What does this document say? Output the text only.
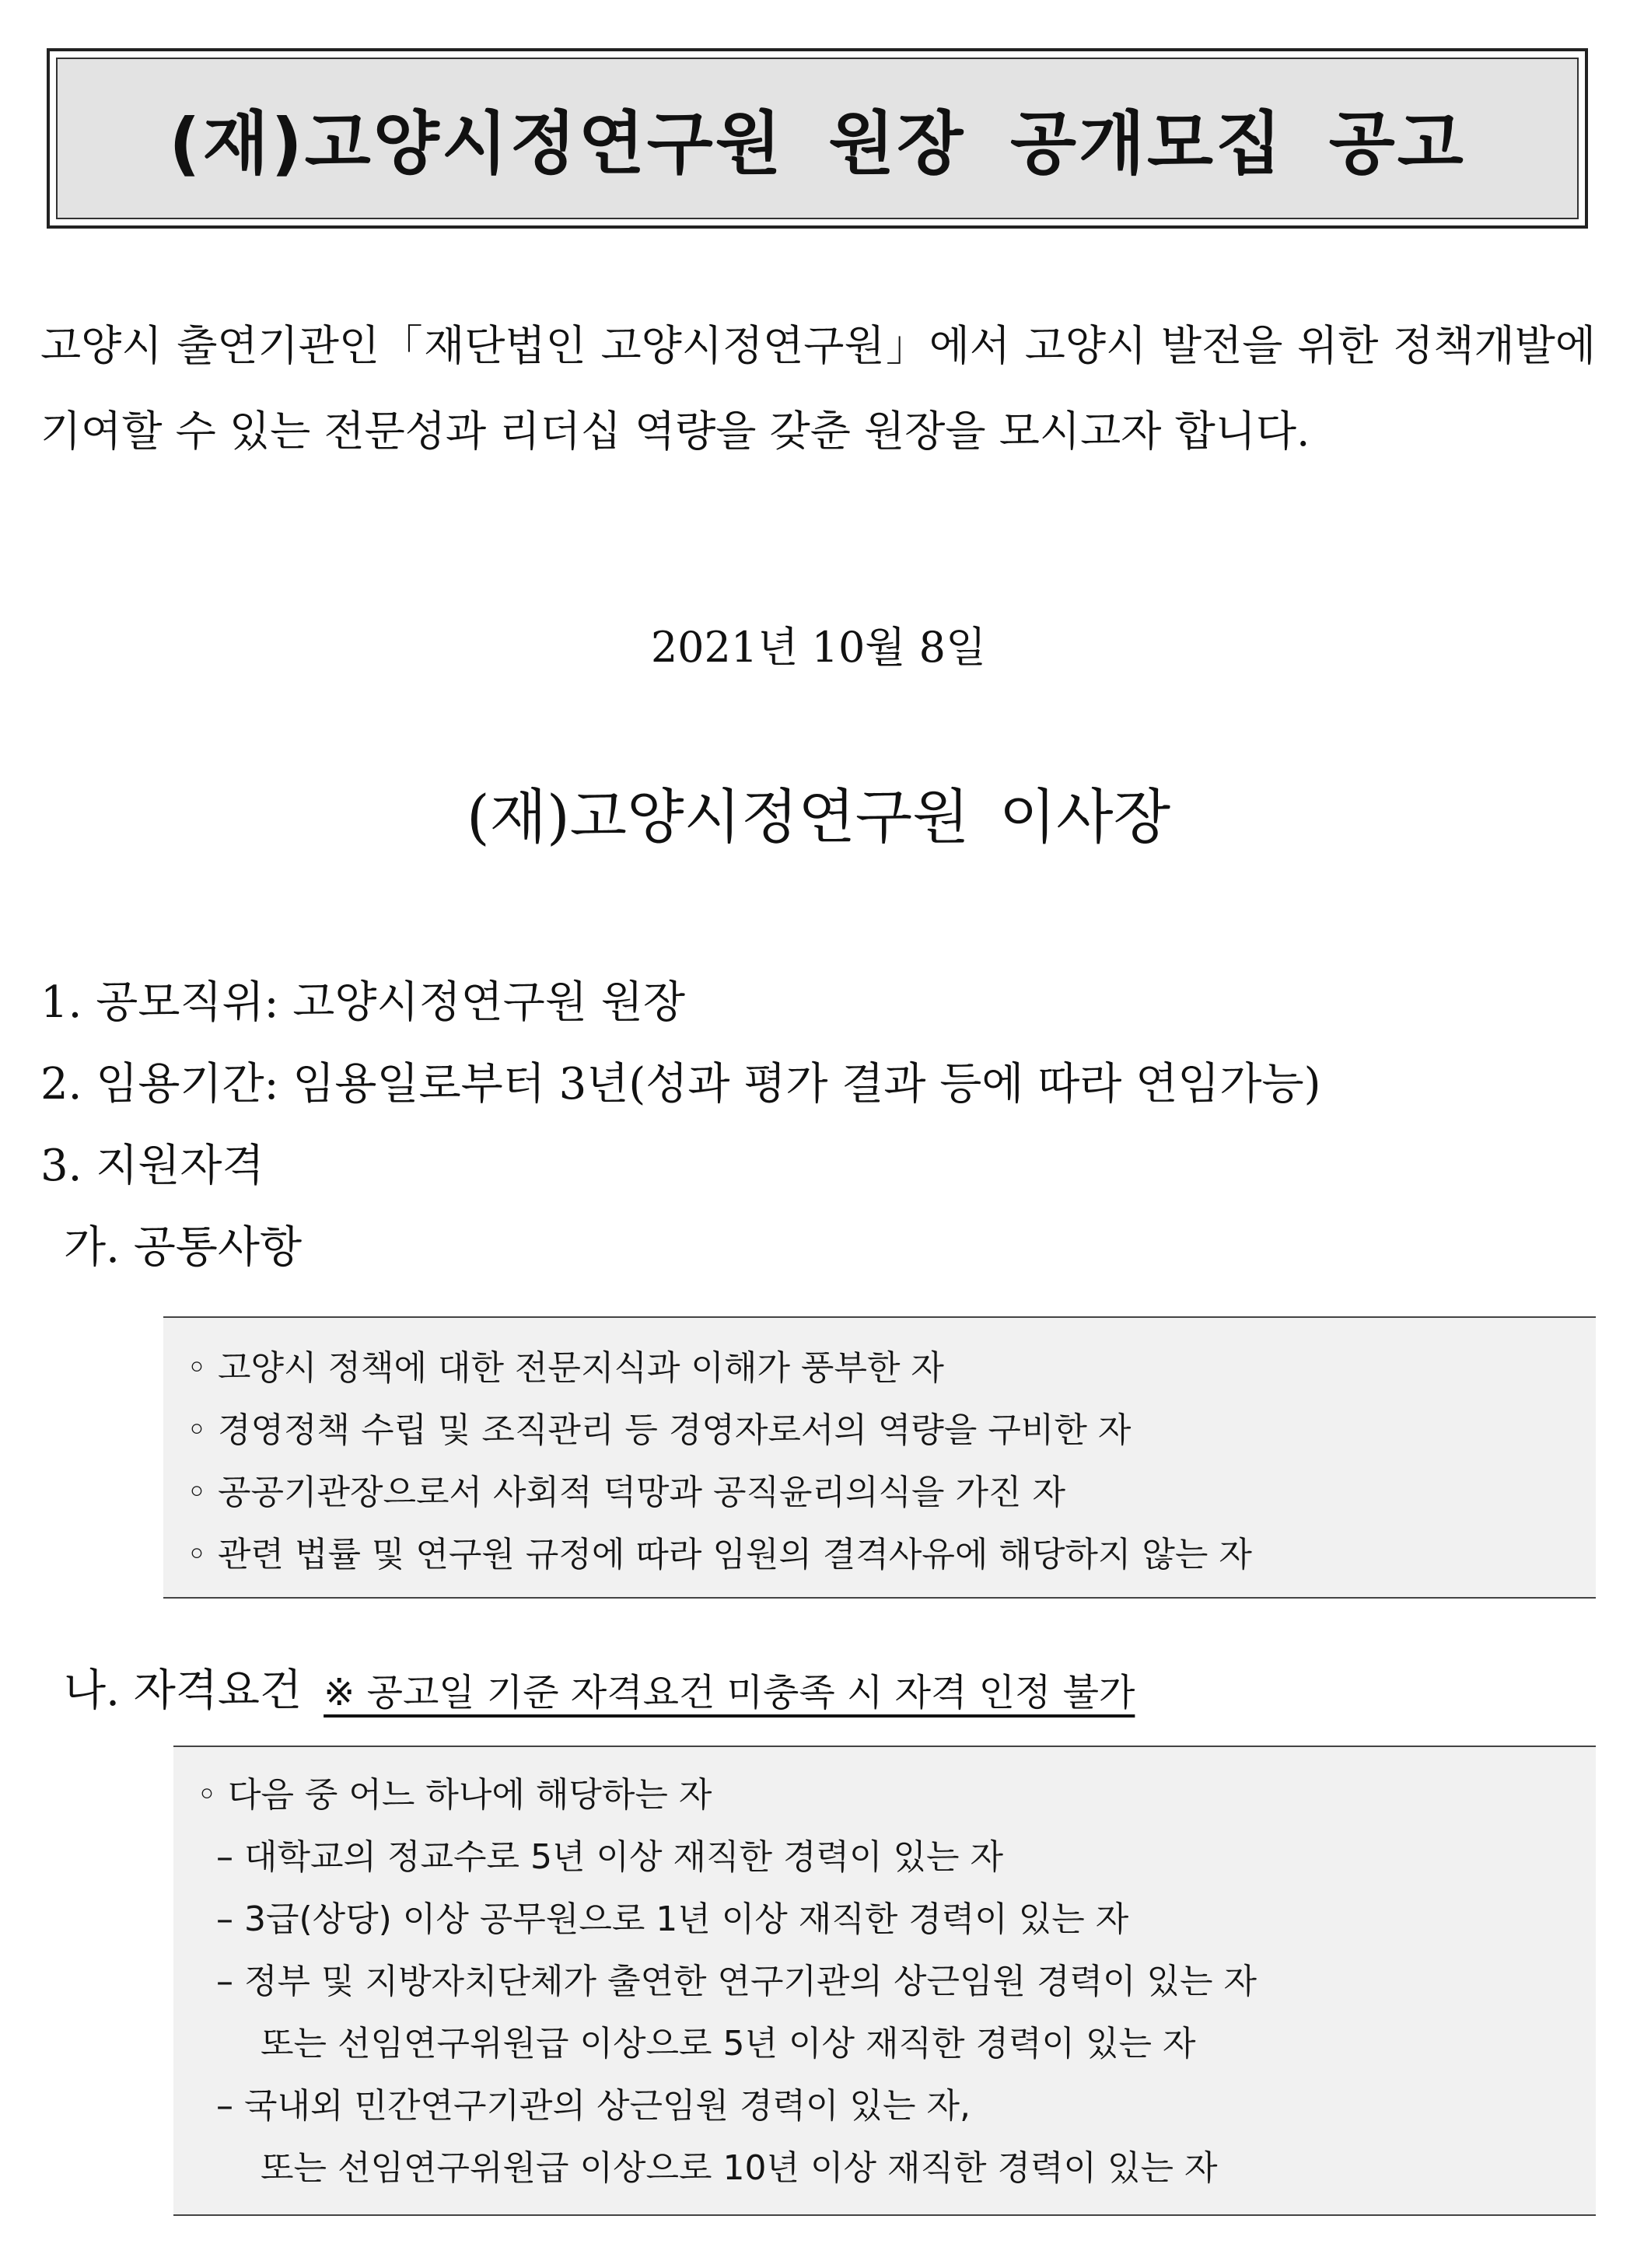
(재)고양시정연구원 원장 공개모집 공고
고양시 출연기관인「재단법인 고양시정연구원」에서 고양시 발전을 위한 정책개발에 기여할 수 있는 전문성과 리더십 역량을 갖춘 원장을 모시고자 합니다.
2021년 10월 8일
(재)고양시정연구원 이사장
1. 공모직위: 고양시정연구원 원장
2. 임용기간: 임용일로부터 3년(성과 평가 결과 등에 따라 연임가능)
3. 지원자격
가. 공통사항
◦ 고양시 정책에 대한 전문지식과 이해가 풍부한 자
◦ 경영정책 수립 및 조직관리 등 경영자로서의 역량을 구비한 자
◦ 공공기관장으로서 사회적 덕망과 공직윤리의식을 가진 자
◦ 관련 법률 및 연구원 규정에 따라 임원의 결격사유에 해당하지 않는 자
나. 자격요건 ※ 공고일 기준 자격요건 미충족 시 자격 인정 불가
◦ 다음 중 어느 하나에 해당하는 자
– 대학교의 정교수로 5년 이상 재직한 경력이 있는 자
– 3급(상당) 이상 공무원으로 1년 이상 재직한 경력이 있는 자
– 정부 및 지방자치단체가 출연한 연구기관의 상근임원 경력이 있는 자
또는 선임연구위원급 이상으로 5년 이상 재직한 경력이 있는 자
– 국내외 민간연구기관의 상근임원 경력이 있는 자,
또는 선임연구위원급 이상으로 10년 이상 재직한 경력이 있는 자
